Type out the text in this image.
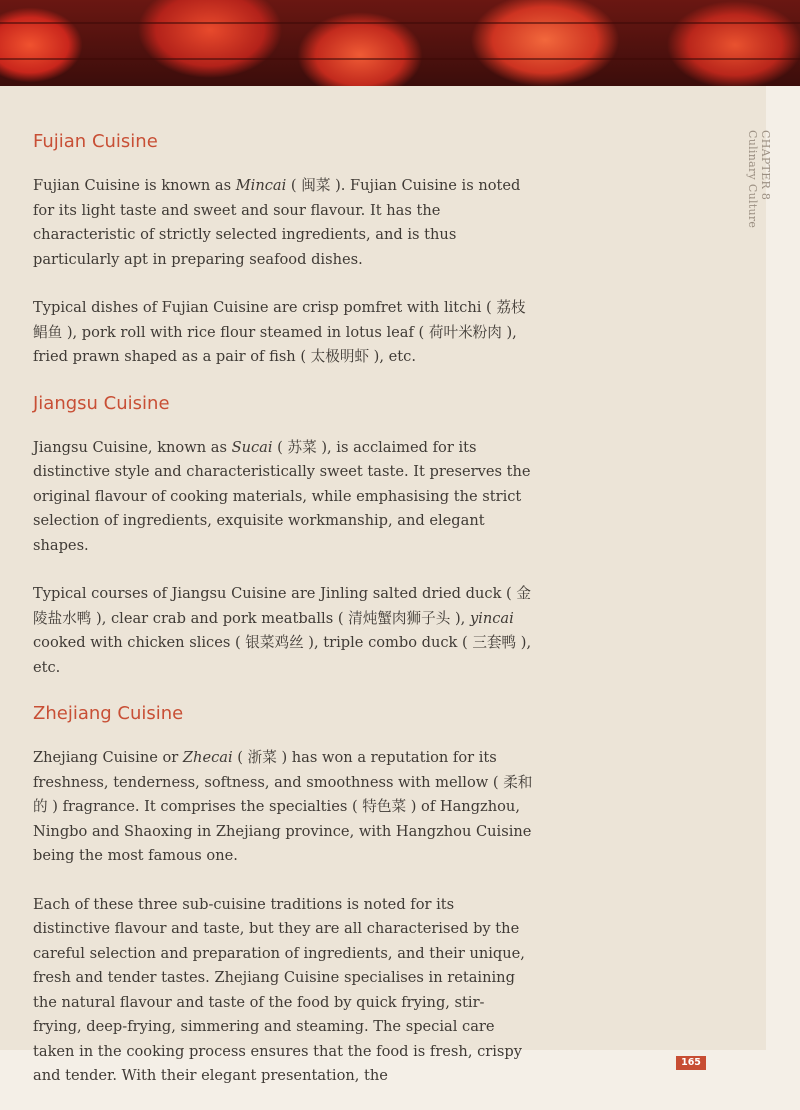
CHAPTER 8
Culinary Culture
Fujian Cuisine

Fujian Cuisine is known as Mincai ( 闽菜 ). Fujian Cuisine is noted for its light taste and sweet and sour flavour. It has the characteristic of strictly selected ingredients, and is thus particularly apt in preparing seafood dishes.

Typical dishes of Fujian Cuisine are crisp pomfret with litchi ( 荔枝鲳鱼 ), pork roll with rice flour steamed in lotus leaf ( 荷叶米粉肉 ), fried prawn shaped as a pair of fish ( 太极明虾 ), etc.

Jiangsu Cuisine

Jiangsu Cuisine, known as Sucai ( 苏菜 ), is acclaimed for its distinctive style and characteristically sweet taste. It preserves the original flavour of cooking materials, while emphasising the strict selection of ingredients, exquisite workmanship, and elegant shapes.

Typical courses of Jiangsu Cuisine are Jinling salted dried duck ( 金陵盐水鸭 ), clear crab and pork meatballs ( 清炖蟹肉狮子头 ), yincai cooked with chicken slices ( 银菜鸡丝 ), triple combo duck ( 三套鸭 ), etc.

Zhejiang Cuisine

Zhejiang Cuisine or Zhecai ( 浙菜 ) has won a reputation for its freshness, tenderness, softness, and smoothness with mellow ( 柔和的 ) fragrance. It comprises the specialties ( 特色菜 ) of Hangzhou, Ningbo and Shaoxing in Zhejiang province, with Hangzhou Cuisine being the most famous one.

Each of these three sub-cuisine traditions is noted for its distinctive flavour and taste, but they are all characterised by the careful selection and preparation of ingredients, and their unique, fresh and tender tastes. Zhejiang Cuisine specialises in retaining the natural flavour and taste of the food by quick frying, stir-frying, deep-frying, simmering and steaming. The special care taken in the cooking process ensures that the food is fresh, crispy and tender. With their elegant presentation, the

165
